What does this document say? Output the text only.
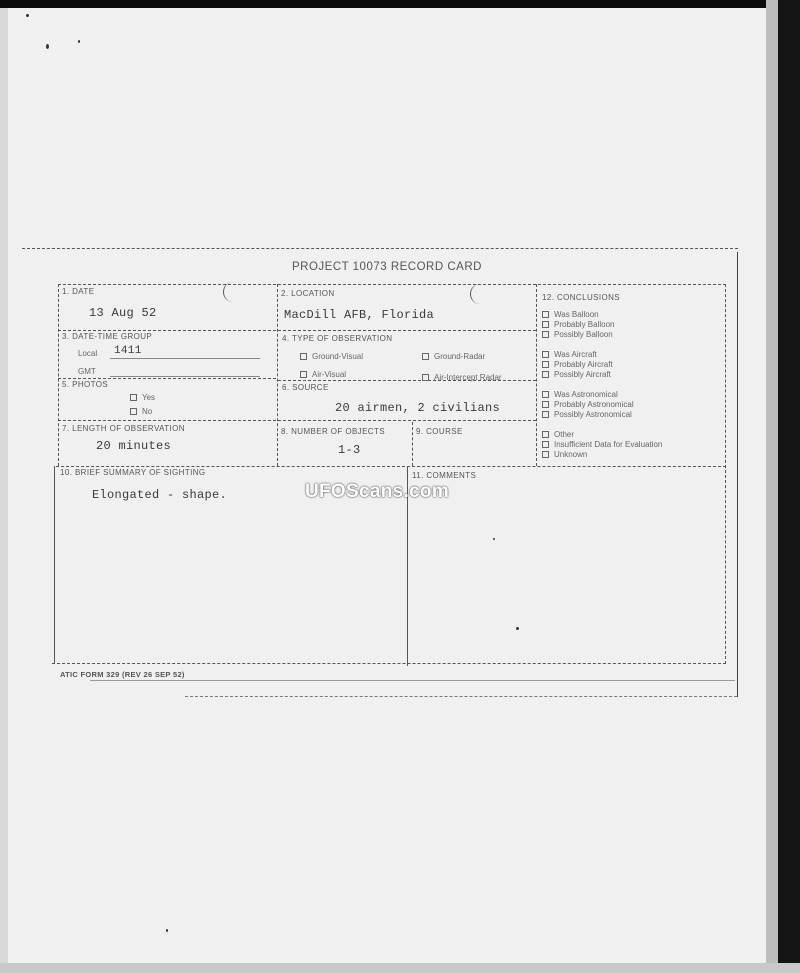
PROJECT 10073 RECORD CARD
1. DATE
13 Aug 52
2. LOCATION
MacDill AFB, Florida
3. DATE-TIME GROUP
Local 1411
GMT
4. TYPE OF OBSERVATION
Ground-Visual	Ground-Radar
Air-Visual	Air-Intercept Radar
5. PHOTOS
Yes
No
6. SOURCE
20 airmen, 2 civilians
7. LENGTH OF OBSERVATION
20 minutes
8. NUMBER OF OBJECTS
1-3
9. COURSE
10. BRIEF SUMMARY OF SIGHTING
Elongated - shape.
11. COMMENTS
12. CONCLUSIONS
Was Balloon
Probably Balloon
Possibly Balloon
Was Aircraft
Probably Aircraft
Possibly Aircraft
Was Astronomical
Probably Astronomical
Possibly Astronomical
Other
Insufficient Data for Evaluation
Unknown
ATIC FORM 329 (REV 26 SEP 52)
UFOScans.com
